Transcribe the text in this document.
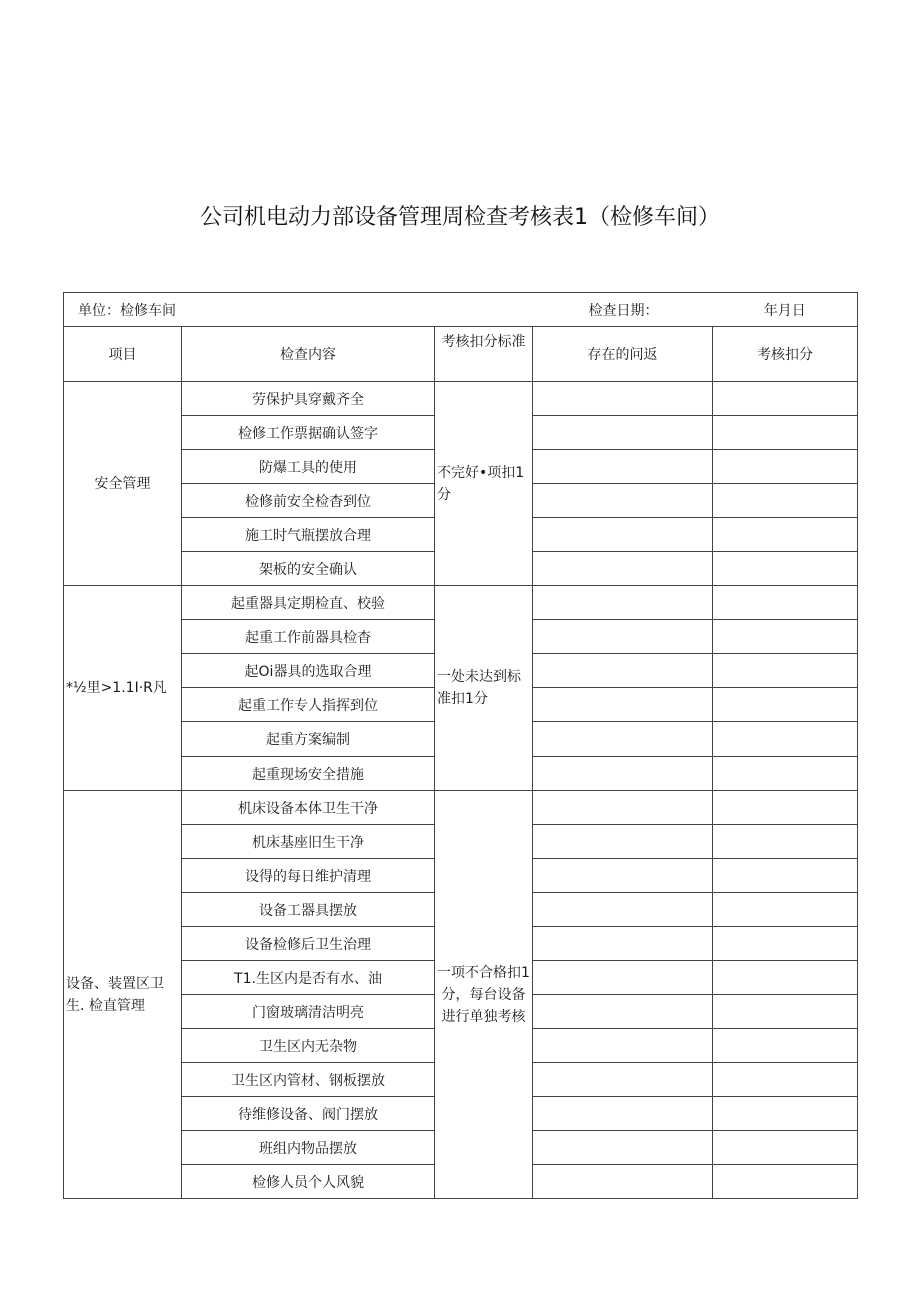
公司机电动力部设备管理周检查考核表1（检修车间）
单位：检修车间			检查日期：	年月日
项目	检查内容	考核扣分标准	存在的问返	考核扣分
安全管理	劳保护具穿戴齐全	不完好•项扣1分		
	检修工作票据确认签字			
	防爆工具的使用			
	检修前安全检杳到位			
	施工时气瓶摆放合理			
	架板的安全确认			
*½里>1.1I·R凡	起重器具定期检直、校验	一处未达到标准扣1分		
	起重工作前器具检杳			
	起Oi器具的选取合理			
	起重工作专人指挥到位			
	起重方案编制			
	起重现场安全措施			
设备、装置区卫生. 检直管理	机床设备本体卫生干净	一项不合格扣1分，每台设备进行单独考核		
	机床基座旧生干净			
	设得的每日维护清理			
	设备工器具摆放			
	设备检修后卫生治理			
	T1.生区内是否有水、油			
	门窗玻璃清洁明亮			
	卫生区内无杂物			
	卫生区内管材、钢板摆放			
	待维修设备、阀门摆放			
	班组内物品摆放			
	检修人员个人风貌			
